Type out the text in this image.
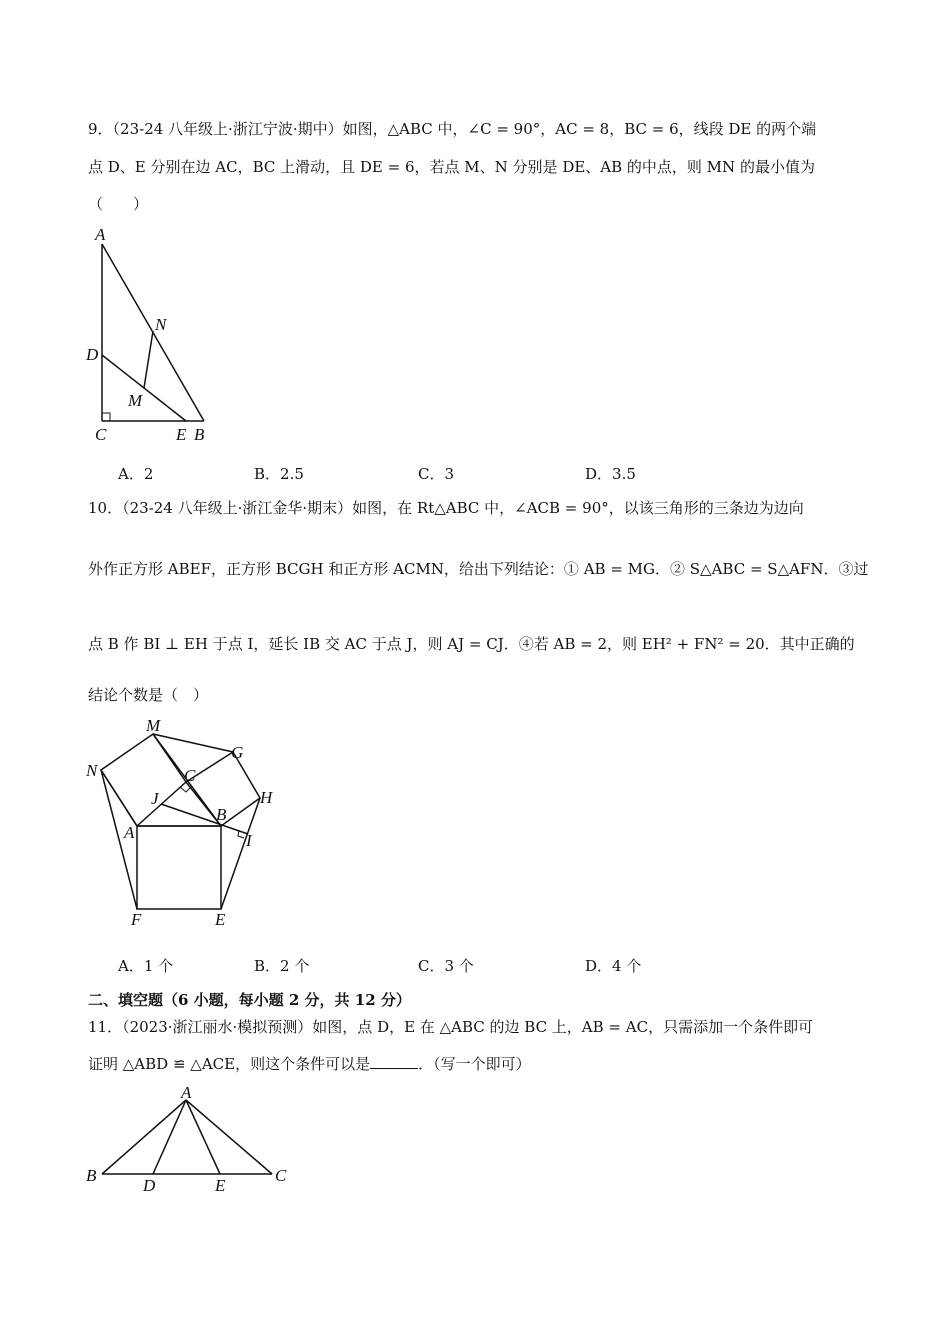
9．（23-24 八年级上·浙江宁波·期中）如图，△ABC 中，∠C = 90°，AC = 8，BC = 6，线段 DE 的两个端
点 D、E 分别在边 AC，BC 上滑动，且 DE = 6，若点 M、N 分别是 DE、AB 的中点，则 MN 的最小值为
（　　）
A
N
D
M
C	E B
A．2	B．2.5	C．3	D．3.5
10．（23-24 八年级上·浙江金华·期末）如图，在 Rt△ABC 中，∠ACB = 90°，以该三角形的三条边为边向
外作正方形 ABEF，正方形 BCGH 和正方形 ACMN，给出下列结论：① AB = MG．② S△ABC = S△AFN．③过
点 B 作 BI ⊥ EH 于点 I，延长 IB 交 AC 于点 J，则 AJ = CJ．④若 AB = 2，则 EH² + FN² = 20．其中正确的
结论个数是（　）
M
G
N	C
J
B
H
A	I
F	E
A．1 个	B．2 个	C．3 个	D．4 个
二、填空题（6 小题，每小题 2 分，共 12 分）
11．（2023·浙江丽水·模拟预测）如图，点 D，E 在 △ABC 的边 BC 上，AB = AC，只需添加一个条件即可
证明 △ABD ≌ △ACE，则这个条件可以是	．（写一个即可）
A
B
D	E
C
